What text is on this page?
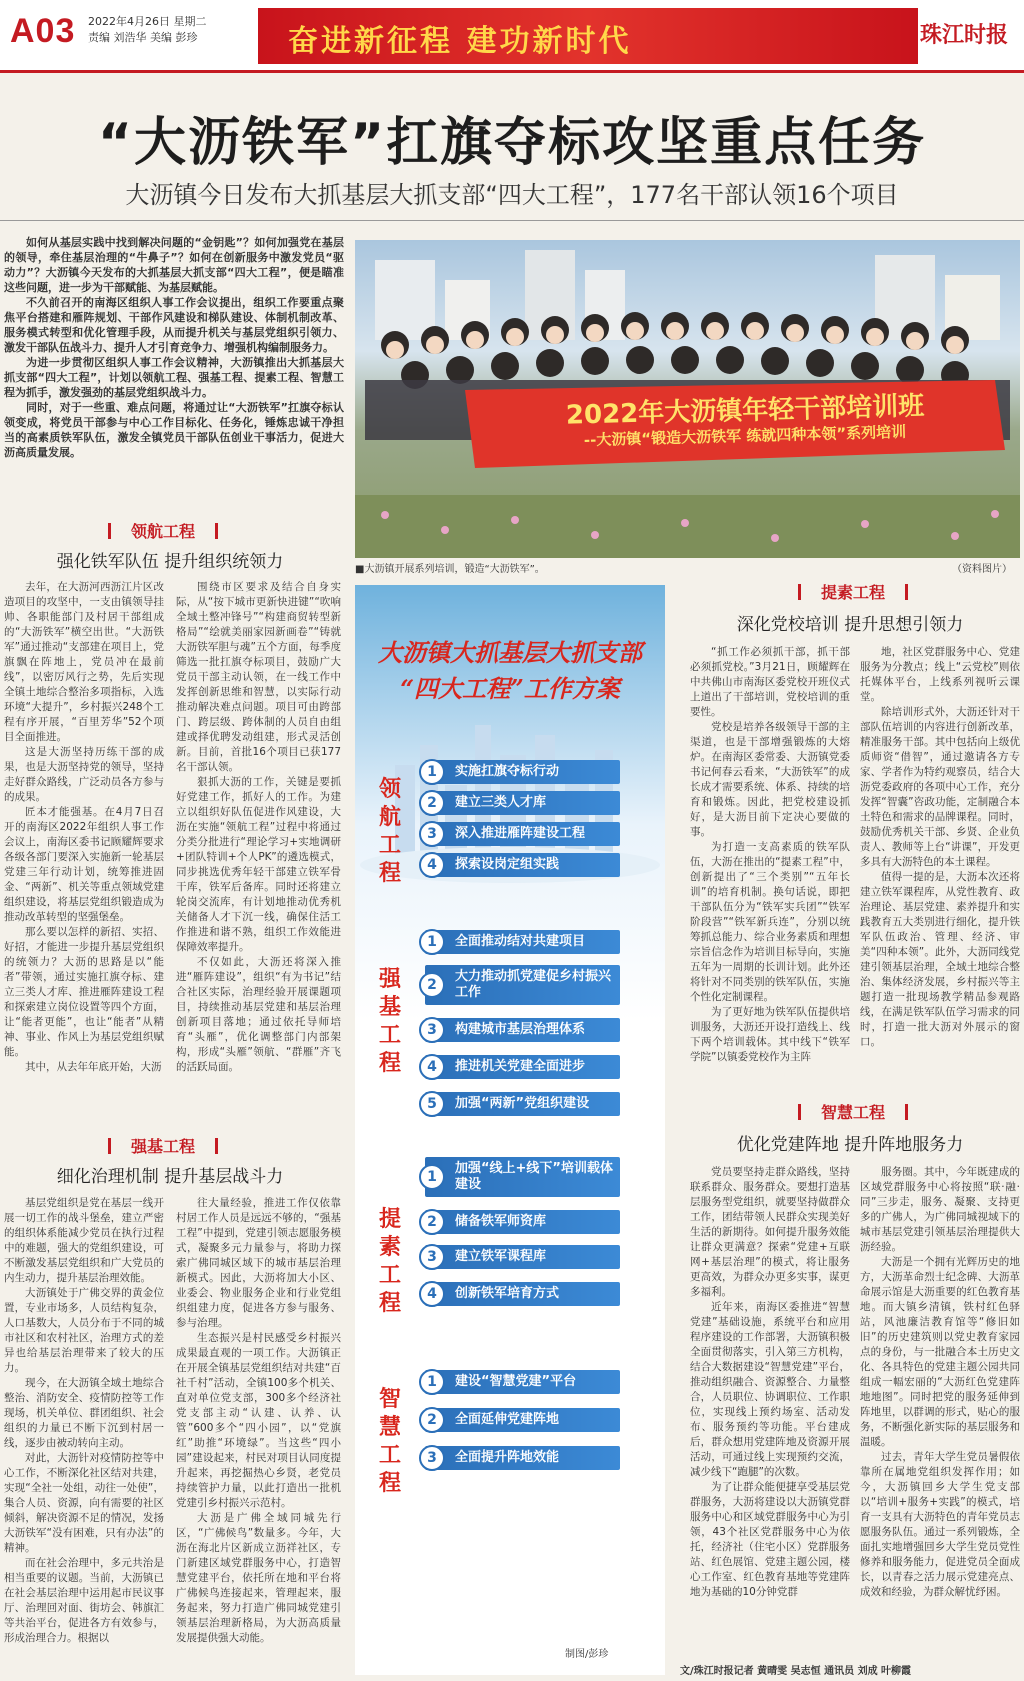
A03 2022年4月26日 星期二
责编 刘浩华 美编 彭珍	奋进新征程 建功新时代	珠江时报
“大沥铁军”扛旗夺标攻坚重点任务
大沥镇今日发布大抓基层大抓支部“四大工程”，177名干部认领16个项目

如何从基层实践中找到解决问题的“金钥匙”？如何加强党在基层的领导，牵住基层治理的“牛鼻子”？如何在创新服务中激发党员“驱动力”？大沥镇今天发布的大抓基层大抓支部“四大工程”，便是瞄准这些问题，进一步为干部赋能、为基层赋能。

不久前召开的南海区组织人事工作会议提出，组织工作要重点聚焦平台搭建和雁阵规划、干部作风建设和梯队建设、体制机制改革、服务模式转型和优化管理手段，从而提升机关与基层党组织引领力、激发干部队伍战斗力、提升人才引育竞争力、增强机构编制服务力。

为进一步贯彻区组织人事工作会议精神，大沥镇推出大抓基层大抓支部“四大工程”，计划以领航工程、强基工程、提素工程、智慧工程为抓手，激发强劲的基层党组织战斗力。

同时，对于一些重、难点问题，将通过让“大沥铁军”扛旗夺标认领变成，将党员干部参与中心工作目标化、任务化，锤炼忠诚干净担当的高素质铁军队伍，激发全镇党员干部队伍创业干事活力，促进大沥高质量发展。

2022年大沥镇年轻干部培训班
--大沥镇“锻造大沥铁军 练就四种本领”系列培训
■大沥镇开展系列培训，锻造“大沥铁军”。	（资料图片）
领航工程
强化铁军队伍 提升组织统领力

去年，在大沥河西沥江片区改造项目的攻坚中，一支由镇领导挂帅、各职能部门及村居干部组成的“大沥铁军”横空出世。“大沥铁军”通过推动“支部建在项目上，党旗飘在阵地上，党员冲在最前线”，以密厉风行之势，先后实现全镇土地综合整治多项指标，入选环境“大提升”，乡村振兴248个工程有序开展，“百里芳华”52个项目全面推进。

这是大沥坚持历练干部的成果，也是大沥坚持党的领导，坚持走好群众路线，广泛动员各方参与的成果。

匠本才能强基。在4月7日召开的南海区2022年组织人事工作会议上，南海区委书记顾耀辉要求各级各部门要深入实施新一轮基层党建三年行动计划，统筹推进固金、“两新”、机关等重点领域党建组织建设，将基层党组织锻造成为推动改革转型的坚强堡垒。

那么要以怎样的新招、实招、好招，才能进一步提升基层党组织的统领力？大沥的思路是以“能者”带领，通过实施扛旗夺标、建立三类人才库、推进雁阵建设工程和探索建立岗位设置等四个方面，让“能者更能”，也让“能者”从精神、事业、作风上为基层党组织赋能。

其中，从去年年底开始，大沥

围绕市区要求及结合自身实际，从“按下城市更新快进键”“吹响全域土整冲锋号”“构建商贸转型新格局”“绘就美丽家园新画卷”“铸就大沥铁军胆与魂”五个方面，每季度筛选一批扛旗夺标项目，鼓励广大党员干部主动认领，在一线工作中发挥创新思维和智慧，以实际行动推动解决难点问题。项目可由跨部门、跨层级、跨体制的人员自由组建或择优聘发动组建，形式灵活创新。目前，首批16个项目已获177名干部认领。

狠抓大沥的工作，关键是要抓好党建工作，抓好人的工作。为建立以组织好队伍促进作风建设，大沥在实施“领航工程”过程中将通过分类分批进行“理论学习+实地调研+团队特训+个人PK”的遴选模式，同步挑选优秀年轻干部建立铁军骨干库，铁军后备库。同时还将建立轮岗交流库，有计划地推动优秀机关储备人才下沉一线，确保住活工作推进和谐不熟，组织工作效能进保障效率提升。

不仅如此，大沥还将深入推进“雁阵建设”，组织“有为书记”结合社区实际，治理经验开展课题项目，持续推动基层党建和基层治理创新项目落地；通过依托导师培育“头雁”，优化调整部门内部架构，形成“头雁”领航、“群雁”齐飞的活跃局面。

强基工程
细化治理机制 提升基层战斗力

基层党组织是党在基层一线开展一切工作的战斗堡垒，建立严密的组织体系能减少党员在执行过程中的难题，强大的党组织建设，可不断激发基层党组织和广大党员的内生动力，提升基层治理效能。

大沥镇处于广佛交界的黄金位置，专业市场多，人员结构复杂，人口基数大，人员分布于不同的城市社区和农村社区，治理方式的差异也给基层治理带来了较大的压力。

现今，在大沥镇全域土地综合整治、消防安全、疫情防控等工作现场，机关单位、群团组织、社会组织的力量已不断下沉到村居一线，逐步由被动转向主动。

对此，大沥针对疫情防控等中心工作，不断深化社区结对共建，实现“全社一处组，动往一处使”，集合人员、资源，向有需要的社区倾斜，解决资源不足的情况，发扬大沥铁军“没有困难，只有办法”的精神。

而在社会治理中，多元共治是相当重要的议题。当前，大沥镇已在社会基层治理中运用起市民议事厅、治理回对面、街坊会、韩旗汇等共治平台，促进各方有效参与，形成治理合力。根据以

往大量经验，推进工作仅依靠村居工作人员是远远不够的，“强基工程”中提到，党建引领志愿服务模式，凝聚多元力量参与，将助力探索广佛同城区域下的城市基层治理新模式。因此，大沥将加大小区、业委会、物业服务企业和行业党组织组建力度，促进各方参与服务、参与治理。

生态振兴是村民感受乡村振兴成果最直观的一项工作。大沥镇正在开展全镇基层党组织结对共建“百社千村”活动，全镇100多个机关、直对单位党支部，300多个经济社党支部主动“认建、认养、认管”600多个“四小园”，以“党旗红”助推“环境绿”。当这些“四小园”建设起来，村民对项目认同度提升起来，再挖掘热心乡贤，老党员持续管护力量，以此打造出一批机党建引乡村振兴示范村。

大沥是广佛全域同城先行区，“广佛候鸟”数量多。今年，大沥在海北片区新成立沥祥社区，专门新建区域党群服务中心，打造智慧党建平台，依托所在地和平台将广佛候鸟连接起来，管理起来，服务起来，努力打造广佛同城党建引领基层治理新格局，为大沥高质量发展提供强大动能。

大沥镇大抓基层大抓支部
“四大工程”工作方案
领航工程
1	实施扛旗夺标行动
2	建立三类人才库
3	深入推进雁阵建设工程
4	探索设岗定组实践
强基工程
1	全面推动结对共建项目
2
大力推动抓党建促乡村振兴工作
3	构建城市基层治理体系
4	推进机关党建全面进步
5	加强“两新”党组织建设
提素工程
1
加强“线上+线下”培训载体建设
2	储备铁军师资库
3	建立铁军课程库
4	创新铁军培育方式
智慧工程
1	建设“智慧党建”平台
2	全面延伸党建阵地
3	全面提升阵地效能
制图/彭珍
提素工程
深化党校培训 提升思想引领力

“抓工作必须抓干部，抓干部必须抓党校。”3月21日，顾耀辉在中共佛山市南海区委党校开班仪式上道出了干部培训，党校培训的重要性。

党校是培养各级领导干部的主渠道，也是干部增强锻炼的大熔炉。在南海区委常委、大沥镇党委书记何春云看来，“大沥铁军”的成长成才需要系统、体系、持续的培育和锻炼。因此，把党校建设抓好，是大沥目前下定决心要做的事。

为打造一支高素质的铁军队伍，大沥在推出的“提素工程”中，创新提出了“三个类别”“五年长训”的培育机制。换句话说，即把干部队伍分为“铁军实兵团”“铁军阶段营”“铁军新兵连”，分别以统筹抓总能力、综合业务素质和理想宗旨信念作为培训目标导向，实施五年为一周期的长训计划。此外还将针对不同类别的铁军队伍，实施个性化定制课程。

为了更好地为铁军队伍提供培训服务，大沥还开设打造线上、线下两个培训载体。其中线下“铁军学院”以镇委党校作为主阵

地，社区党群服务中心、党建服务为分教点；线上“云党校”则依托媒体平台，上线系列视听云课堂。

除培训形式外，大沥还针对干部队伍培训的内容进行创新改革，精准服务干部。其中包括向上级优质师资“借智”，通过邀请各方专家、学者作为特约观察员，结合大沥党委政府的各项中心工作，充分发挥“智囊”咨政功能，定制融合本土特色和需求的品牌课程。同时，鼓励优秀机关干部、乡贤、企业负责人、教师等上台“讲课”，开发更多具有大沥特色的本土课程。

值得一提的是，大沥本次还将建立铁军课程库，从党性教育、政治理论、基层党建、素养提升和实践教育五大类别进行细化，提升铁军队伍政治、管理、经济、审美“四种本领”。此外，大沥同线党建引领基层治理，全域土地综合整治、集体经济发展，乡村振兴等主题打造一批现场教学精品参观路线，在满足铁军队伍学习需求的同时，打造一批大沥对外展示的窗口。

智慧工程
优化党建阵地 提升阵地服务力

党员要坚持走群众路线，坚持联系群众、服务群众。要想打造基层服务型党组织，就要坚持做群众工作，团结带领人民群众实现美好生活的新期待。如何提升服务效能让群众更满意？探索“党建+互联网+基层治理”的模式，将让服务更高效，为群众办更多实事，谋更多福利。

近年来，南海区委推进“智慧党建”基础设施，系统平台和应用程序建设的工作部署，大沥镇积极全面贯彻落实，引入第三方机构，结合大数据建设“智慧党建”平台，推动组织融合、资源整合、力量整合，人员职位、协调职位、工作职位，实现线上预约场室、活动发布、服务预约等功能。平台建成后，群众想用党建阵地及资源开展活动，可通过线上实现预约交流，减少线下“跑腿”的次数。

为了让群众能便捷享受基层党群服务，大沥将建设以大沥镇党群服务中心和区域党群服务中心为引领，43个社区党群服务中心为依托，经济社（住宅小区）党群服务站、红色展馆、党建主题公园，楼心工作室、红色教育基地等党建阵地为基础的10分钟党群

服务圈。其中，今年既建成的区域党群服务中心将按照“联·融·同”三步走，服务、凝聚、支持更多的广佛人，为广佛同城视域下的城市基层党建引领基层治理提供大沥经验。

大沥是一个拥有光辉历史的地方，大沥革命烈士纪念碑、大沥革命展示馆是大沥重要的红色教育基地。而大镇乡清镇，铁村红色驿站，风池廉洁教育馆等“修旧如旧”的历史建筑则以党史教育家园点的身份，与一批融合本土历史文化、各具特色的党建主题公园共同组成一幅宏丽的“大沥红色党建阵地地图”。同时把党的服务延伸到阵地里，以群调的形式，贴心的服务，不断强化新实际的基层服务和温暖。

过去，青年大学生党员暑假依靠所在属地党组织发挥作用；如今，大沥镇回乡大学生党支部以“培训+服务+实践”的模式，培育一支具有大沥特色的青年党员志愿服务队伍。通过一系列锻炼，全面扎实地增强回乡大学生党员党性修养和服务能力，促进党员全面成长，以青春之活力展示党建亮点、成效和经验，为群众解忧纾困。

文/珠江时报记者 黄晴雯 吴志恒 通讯员 刘成 叶柳霞
